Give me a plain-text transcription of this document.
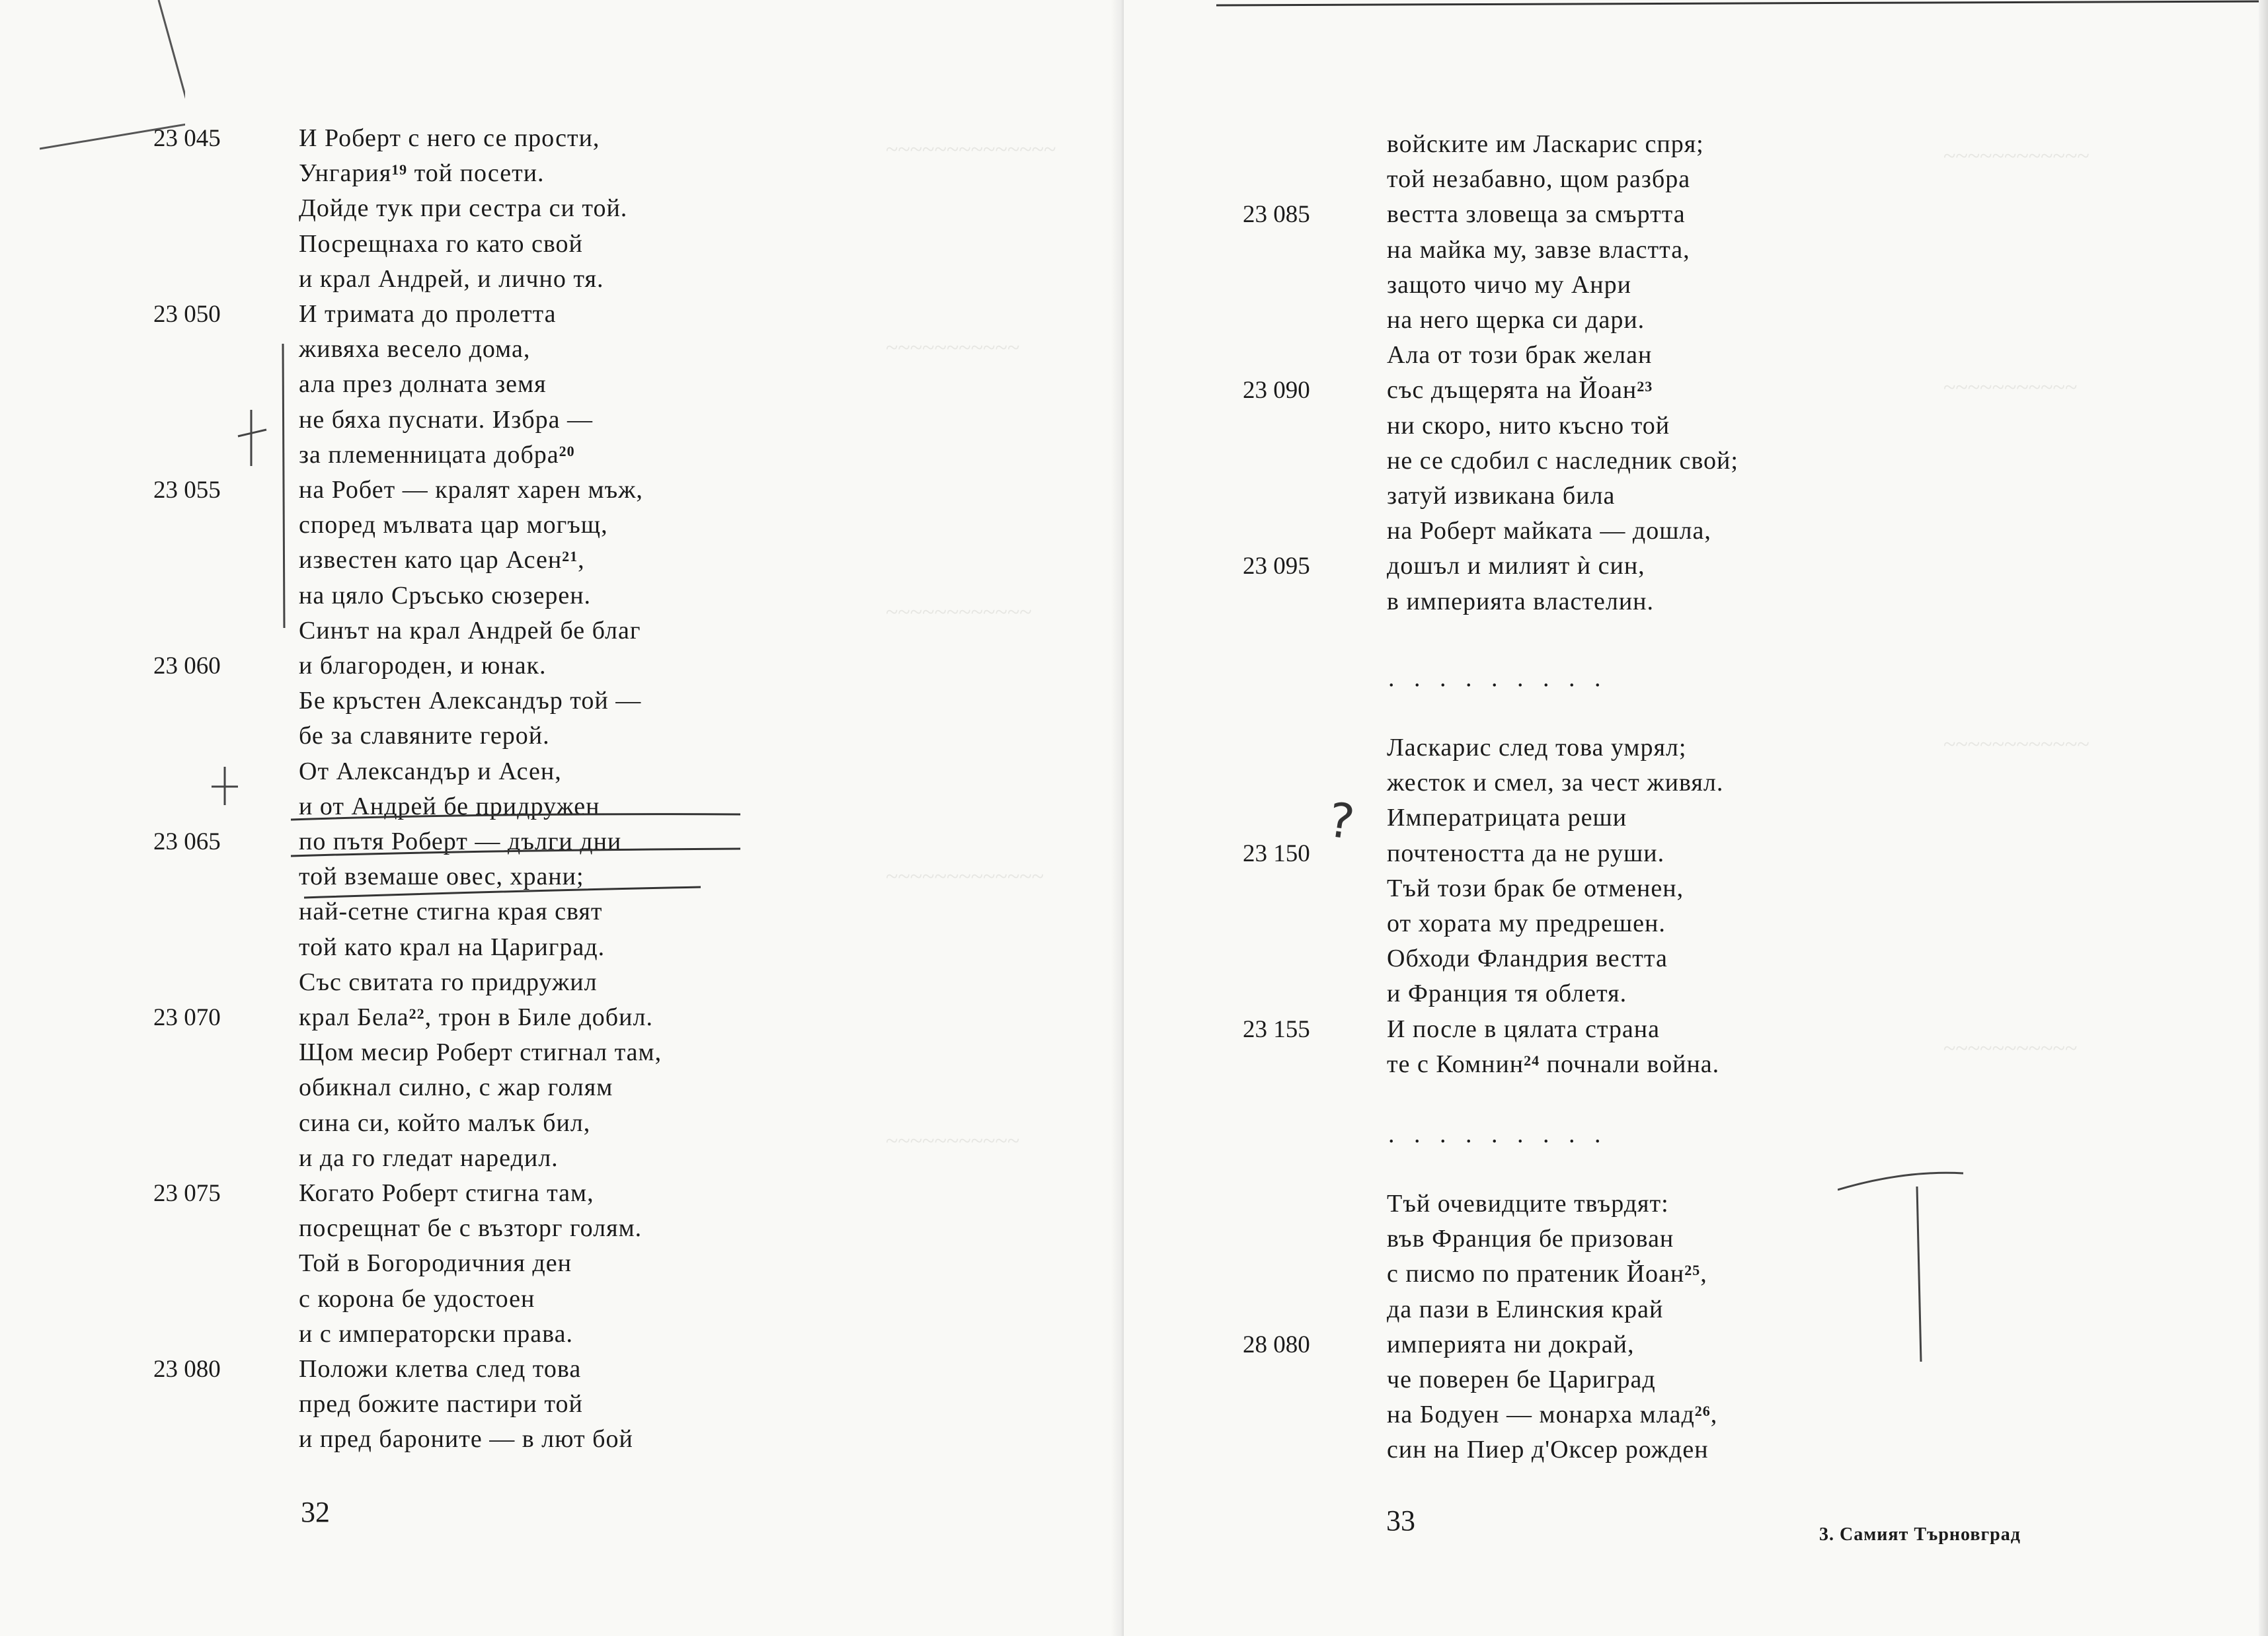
~~~~~~~~~~~~~~
~~~~~~~~~~~
~~~~~~~~~~~~
~~~~~~~~~~~~~
~~~~~~~~~~~
23 045	И Роберт с него се прости,
Унгария$^{19}$ той посети.
Дойде тук при сестра си той.
Посрещнаха го като свой
и крал Андрей, и лично тя.
23 050	И тримата до пролетта
живяха весело дома,
ала през долната земя
не бяха пуснати. Избра —
за племенницата добра$^{20}$
23 055	на Робет — кралят харен мъж,
според мълвата цар могъщ,
известен като цар Асен$^{21}$,
на цяло Сръсько сюзерен.
Синът на крал Андрей бе благ
23 060	и благороден, и юнак.
Бе кръстен Александър той —
бе за славяните герой.
От Александър и Асен,
и от Андрей бе придружен
23 065	по пътя Роберт — дълги дни
той вземаше овес, храни;
най-сетне стигна края свят
той като крал на Цариград.
Със свитата го придружил
23 070	крал Бела$^{22}$, трон в Биле добил.
Щом месир Роберт стигнал там,
обикнал силно, с жар голям
сина си, който малък бил,
и да го гледат наредил.
23 075	Когато Роберт стигна там,
посрещнат бе с възторг голям.
Той в Богородичния ден
с корона бе удостоен
и с императорски права.
23 080	Положи клетва след това
пред божите пастири той
и пред бароните — в лют бой
32
~~~~~~~~~~~~
~~~~~~~~~~~
~~~~~~~~~~~~
~~~~~~~~~~~
войските им Ласкарис спря;
той незабавно, щом разбра
23 085	вестта зловеща за смъртта
на майка му, завзе властта,
защото чичо му Анри
на него щерка си дари.
Ала от този брак желан
23 090	със дъщерята на Йоан$^{23}$
ни скоро, нито късно той
не се сдобил с наследник свой;
затуй извикана била
на Роберт майката — дошла,
23 095	дошъл и милият ѝ син,
в империята властелин.
Ласкарис след това умрял;
жесток и смел, за чест живял.
Императрицата реши
23 150	почтеността да не руши.
Тъй този брак бе отменен,
от хората му предрешен.
Обходи Фландрия вестта
и Франция тя облетя.
23 155	И после в цялата страна
те с Комнин$^{24}$ почнали война.
Тъй очевидците твърдят:
във Франция бе призован
с писмо по пратеник Йоан$^{25}$,
да пази в Елинския край
28 080	империята ни докрай,
че поверен бе Цариград
на Бодуен — монарха млад$^{26}$,
син на Пиер д'Оксер рожден
. . . . . . . . .
. . . . . . . . .
?
33	3. Самият Търновград
